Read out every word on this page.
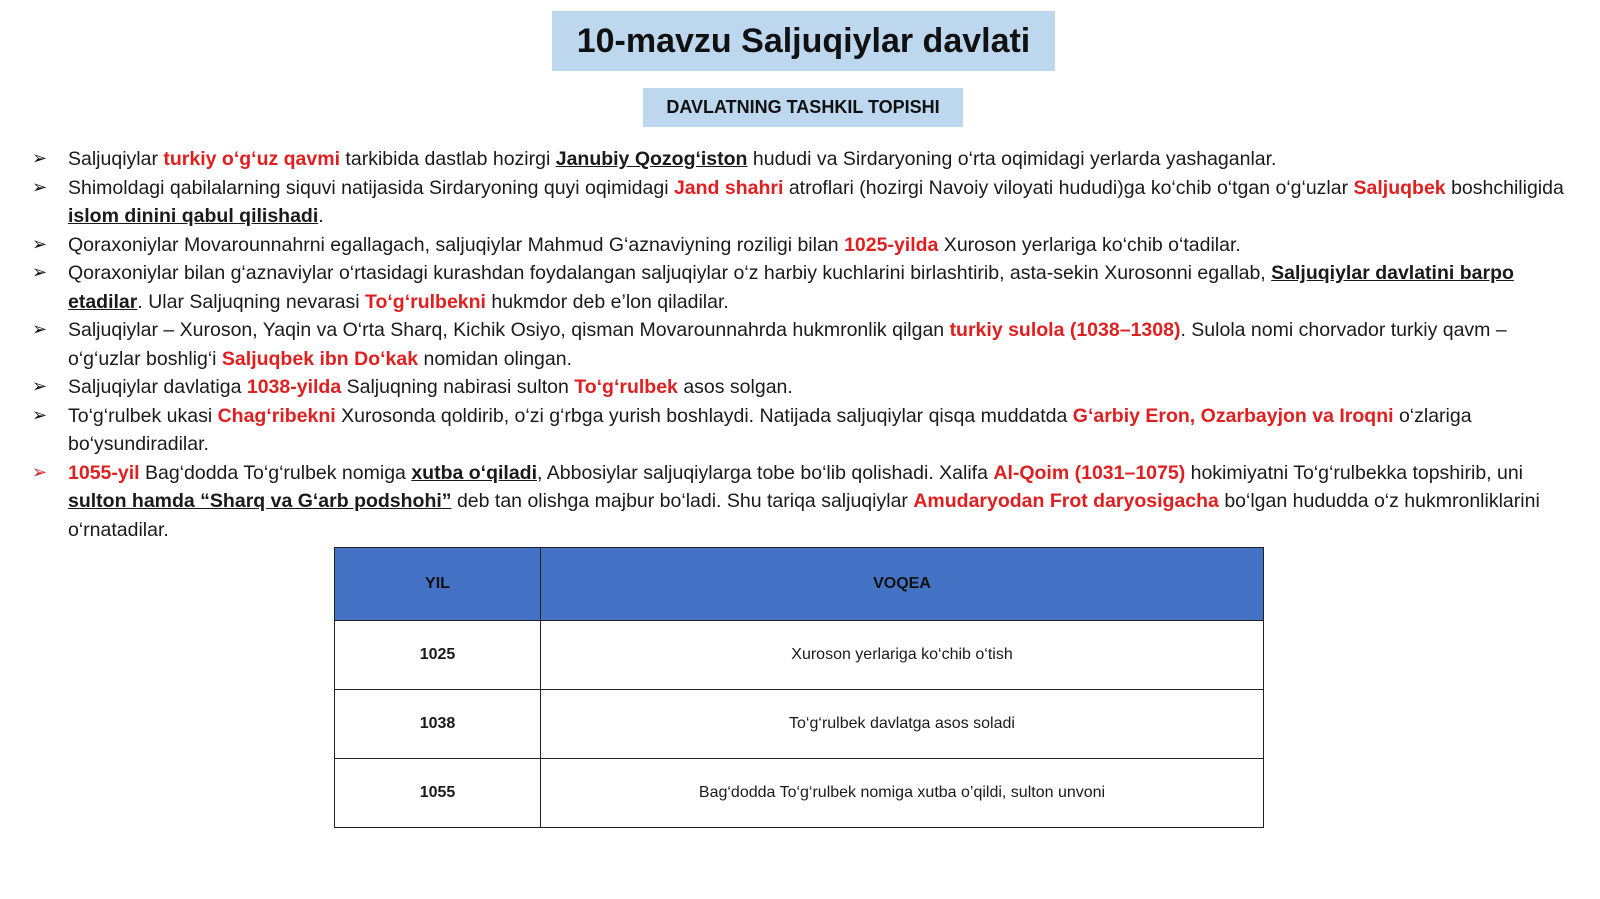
10-mavzu Saljuqiylar davlati
DAVLATNING TASHKIL TOPISHI
➢ Saljuqiylar turkiy o‘g‘uz qavmi tarkibida dastlab hozirgi Janubiy Qozog‘iston hududi va Sirdaryoning o‘rta oqimidagi yerlarda yashaganlar.
➢ Shimoldagi qabilalarning siquvi natijasida Sirdaryoning quyi oqimidagi Jand shahri atroflari (hozirgi Navoiy viloyati hududi)ga ko‘chib o‘tgan o‘g‘uzlar Saljuqbek boshchiligida islom dinini qabul qilishadi.
➢ Qoraxoniylar Movarounnahrni egallagach, saljuqiylar Mahmud G‘aznaviyning roziligi bilan 1025-yilda Xuroson yerlariga ko‘chib o‘tadilar.
➢ Qoraxoniylar bilan g‘aznaviylar o‘rtasidagi kurashdan foydalangan saljuqiylar o‘z harbiy kuchlarini birlashtirib, asta-sekin Xurosonni egallab, Saljuqiylar davlatini barpo etadilar. Ular Saljuqning nevarasi To‘g‘rulbekni hukmdor deb e’lon qiladilar.
➢ Saljuqiylar – Xuroson, Yaqin va O‘rta Sharq, Kichik Osiyo, qisman Movarounnahrda hukmronlik qilgan turkiy sulola (1038–1308). Sulola nomi chorvador turkiy qavm – o‘g‘uzlar boshlig‘i Saljuqbek ibn Do‘kak nomidan olingan.
➢ Saljuqiylar davlatiga 1038-yilda Saljuqning nabirasi sulton To‘g‘rulbek asos solgan.
➢ To‘g‘rulbek ukasi Chag‘ribekni Xurosonda qoldirib, o‘zi g‘rbga yurish boshlaydi. Natijada saljuqiylar qisqa muddatda G‘arbiy Eron, Ozarbayjon va Iroqni o‘zlariga bo‘ysundiradilar.
➢ 1055-yil Bag‘dodda To‘g‘rulbek nomiga xutba o‘qiladi, Abbosiylar saljuqiylarga tobe bo‘lib qolishadi. Xalifa Al-Qoim (1031–1075) hokimiyatni To‘g‘rulbekka topshirib, uni sulton hamda “Sharq va G‘arb podshohi” deb tan olishga majbur bo‘ladi. Shu tariqa saljuqiylar Amudaryodan Frot daryosigacha bo‘lgan hududda o‘z hukmronliklarini o‘rnatadilar.
YIL	VOQEA
1025	Xuroson yerlariga ko‘chib o‘tish
1038	To‘g‘rulbek davlatga asos soladi
1055	Bag‘dodda To‘g‘rulbek nomiga xutba o’qildi, sulton unvoni
